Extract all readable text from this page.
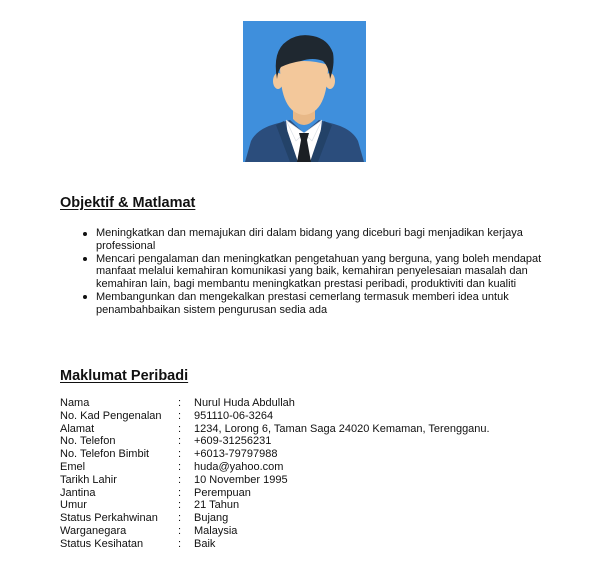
Objektif & Matlamat
Meningkatkan dan memajukan diri dalam bidang yang diceburi bagi menjadikan kerjaya professional
Mencari pengalaman dan meningkatkan pengetahuan yang berguna, yang boleh mendapat manfaat melalui kemahiran komunikasi yang baik, kemahiran penyelesaian masalah dan kemahiran lain, bagi membantu meningkatkan prestasi peribadi, produktiviti dan kualiti
Membangunkan dan mengekalkan prestasi cemerlang termasuk memberi idea untuk penambahbaikan sistem pengurusan sedia ada
Maklumat Peribadi
Nama	:	Nurul Huda Abdullah
No. Kad Pengenalan	:	951110-06-3264
Alamat	:	1234, Lorong 6, Taman Saga 24020 Kemaman, Terengganu.
No. Telefon	:	+609-31256231
No. Telefon Bimbit	:	+6013-79797988
Emel	:	huda@yahoo.com
Tarikh Lahir	:	10 November 1995
Jantina	:	Perempuan
Umur	:	21 Tahun
Status Perkahwinan	:	Bujang
Warganegara	:	Malaysia
Status Kesihatan	:	Baik
